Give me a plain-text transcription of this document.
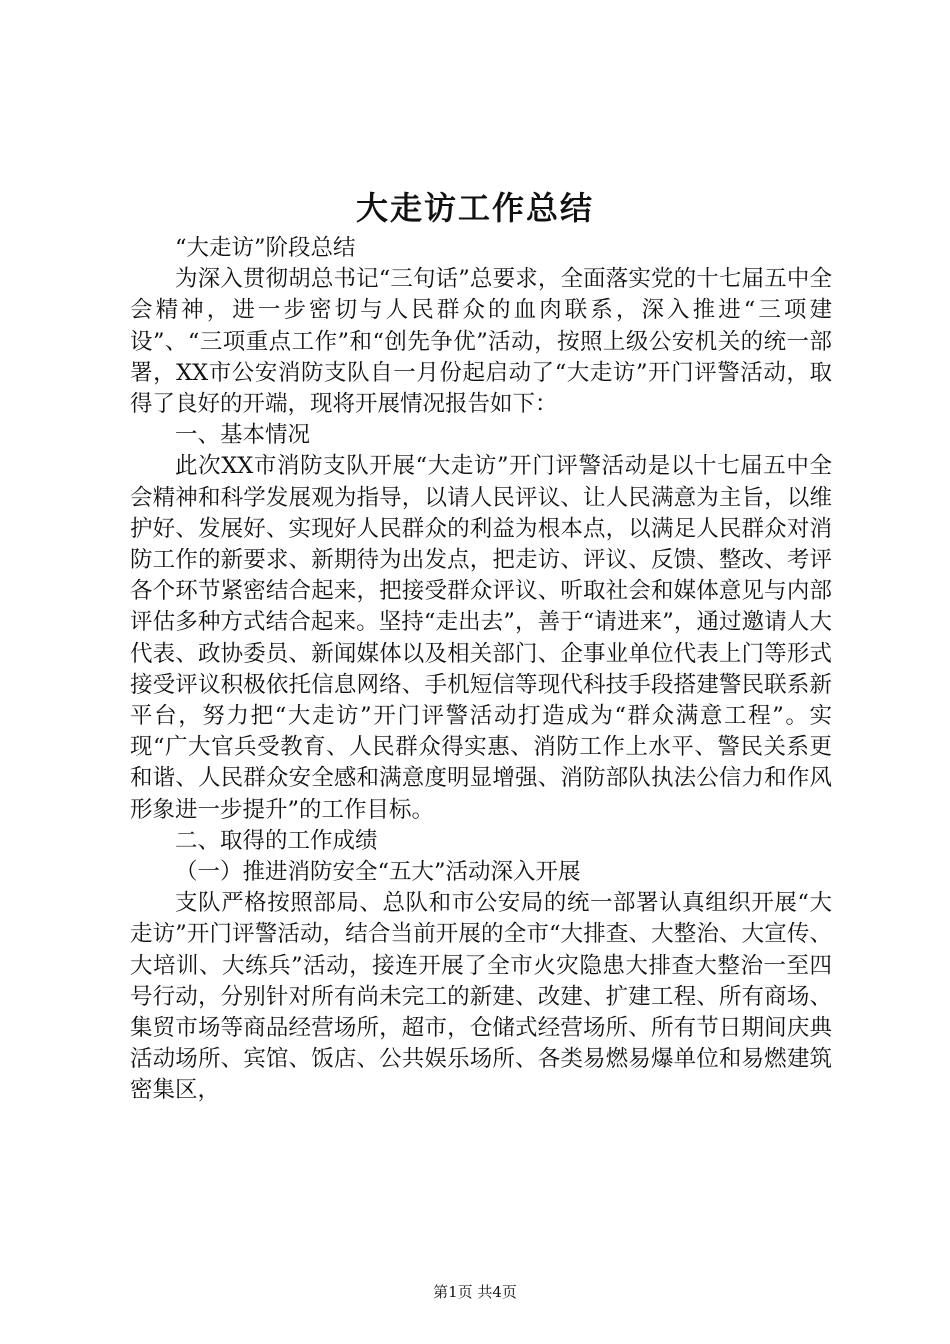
大走访工作总结

“大走访”阶段总结

为深入贯彻胡总书记“三句话”总要求，全面落实党的十七届五中全会精神，进一步密切与人民群众的血肉联系，深入推进“三项建设”、“三项重点工作”和“创先争优”活动，按照上级公安机关的统一部署，XX市公安消防支队自一月份起启动了“大走访”开门评警活动，取得了良好的开端，现将开展情况报告如下：

一、基本情况

此次XX市消防支队开展“大走访”开门评警活动是以十七届五中全会精神和科学发展观为指导，以请人民评议、让人民满意为主旨，以维护好、发展好、实现好人民群众的利益为根本点，以满足人民群众对消防工作的新要求、新期待为出发点，把走访、评议、反馈、整改、考评各个环节紧密结合起来，把接受群众评议、听取社会和媒体意见与内部评估多种方式结合起来。坚持“走出去”，善于“请进来”，通过邀请人大代表、政协委员、新闻媒体以及相关部门、企事业单位代表上门等形式接受评议积极依托信息网络、手机短信等现代科技手段搭建警民联系新平台，努力把“大走访”开门评警活动打造成为“群众满意工程”。实现“广大官兵受教育、人民群众得实惠、消防工作上水平、警民关系更和谐、人民群众安全感和满意度明显增强、消防部队执法公信力和作风形象进一步提升”的工作目标。

二、取得的工作成绩

（一）推进消防安全“五大”活动深入开展

支队严格按照部局、总队和市公安局的统一部署认真组织开展“大走访”开门评警活动，结合当前开展的全市“大排查、大整治、大宣传、大培训、大练兵”活动，接连开展了全市火灾隐患大排查大整治一至四号行动，分别针对所有尚未完工的新建、改建、扩建工程、所有商场、集贸市场等商品经营场所，超市，仓储式经营场所、所有节日期间庆典活动场所、宾馆、饭店、公共娱乐场所、各类易燃易爆单位和易燃建筑密集区，

第1页 共4页
